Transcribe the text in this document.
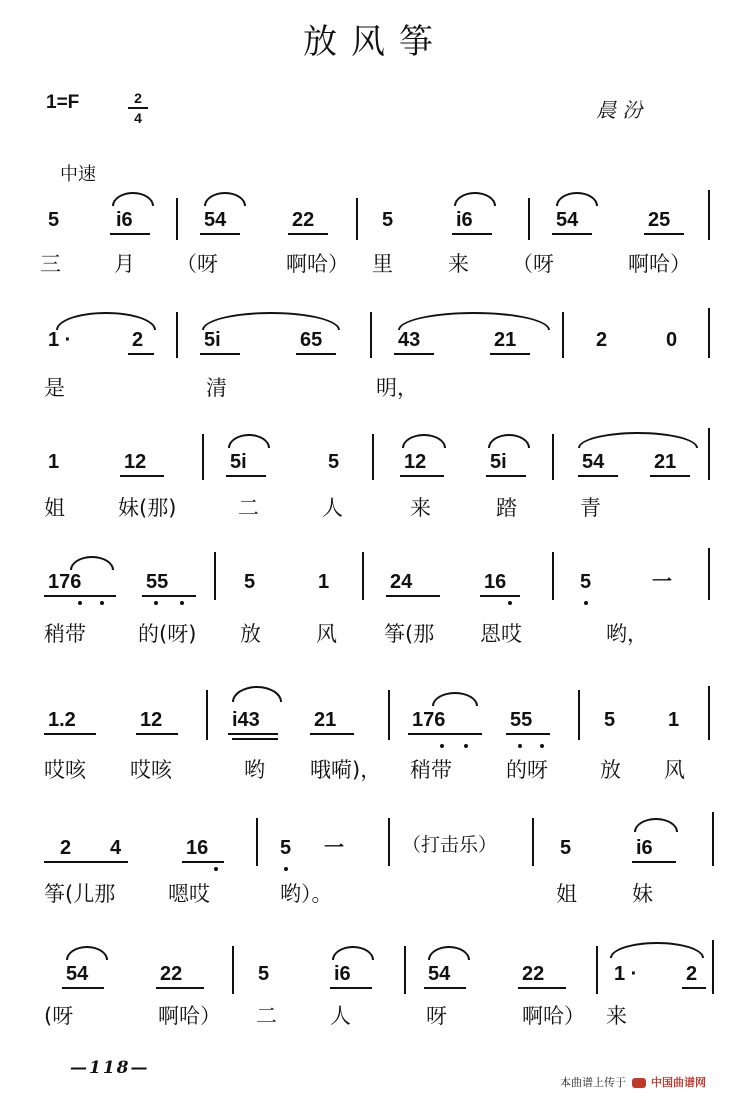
放风筝
1=F	2
4	晨 汾
中速
5	i6	54	22	5	i6	54	25
三	月 （呀	啊哈） 里	来 （呀	啊哈）
1 ·	2	5i	65	43	21	2	0
是	清	明，
1	12	5i	5	12	5i	54 21
姐	妹(那)	二	人	来	踏	青
176	55	5	1	24	16	5	一
稍带 的(呀) 放	风 筝(那 恩哎	哟，
1.2	12	i43	21	176	55	5	1
哎咳 哎咳	哟 哦嗬)， 稍带	的呀 放 风
2 4	16	5 一	（打击乐）	5	i6
筝(儿那	嗯哎	哟）。	姐	妹
54	22	5	i6	54	22	1 · 2
(呀	啊哈） 二	人	呀	啊哈） 来
—118—
本曲谱上传于 中国曲谱网
